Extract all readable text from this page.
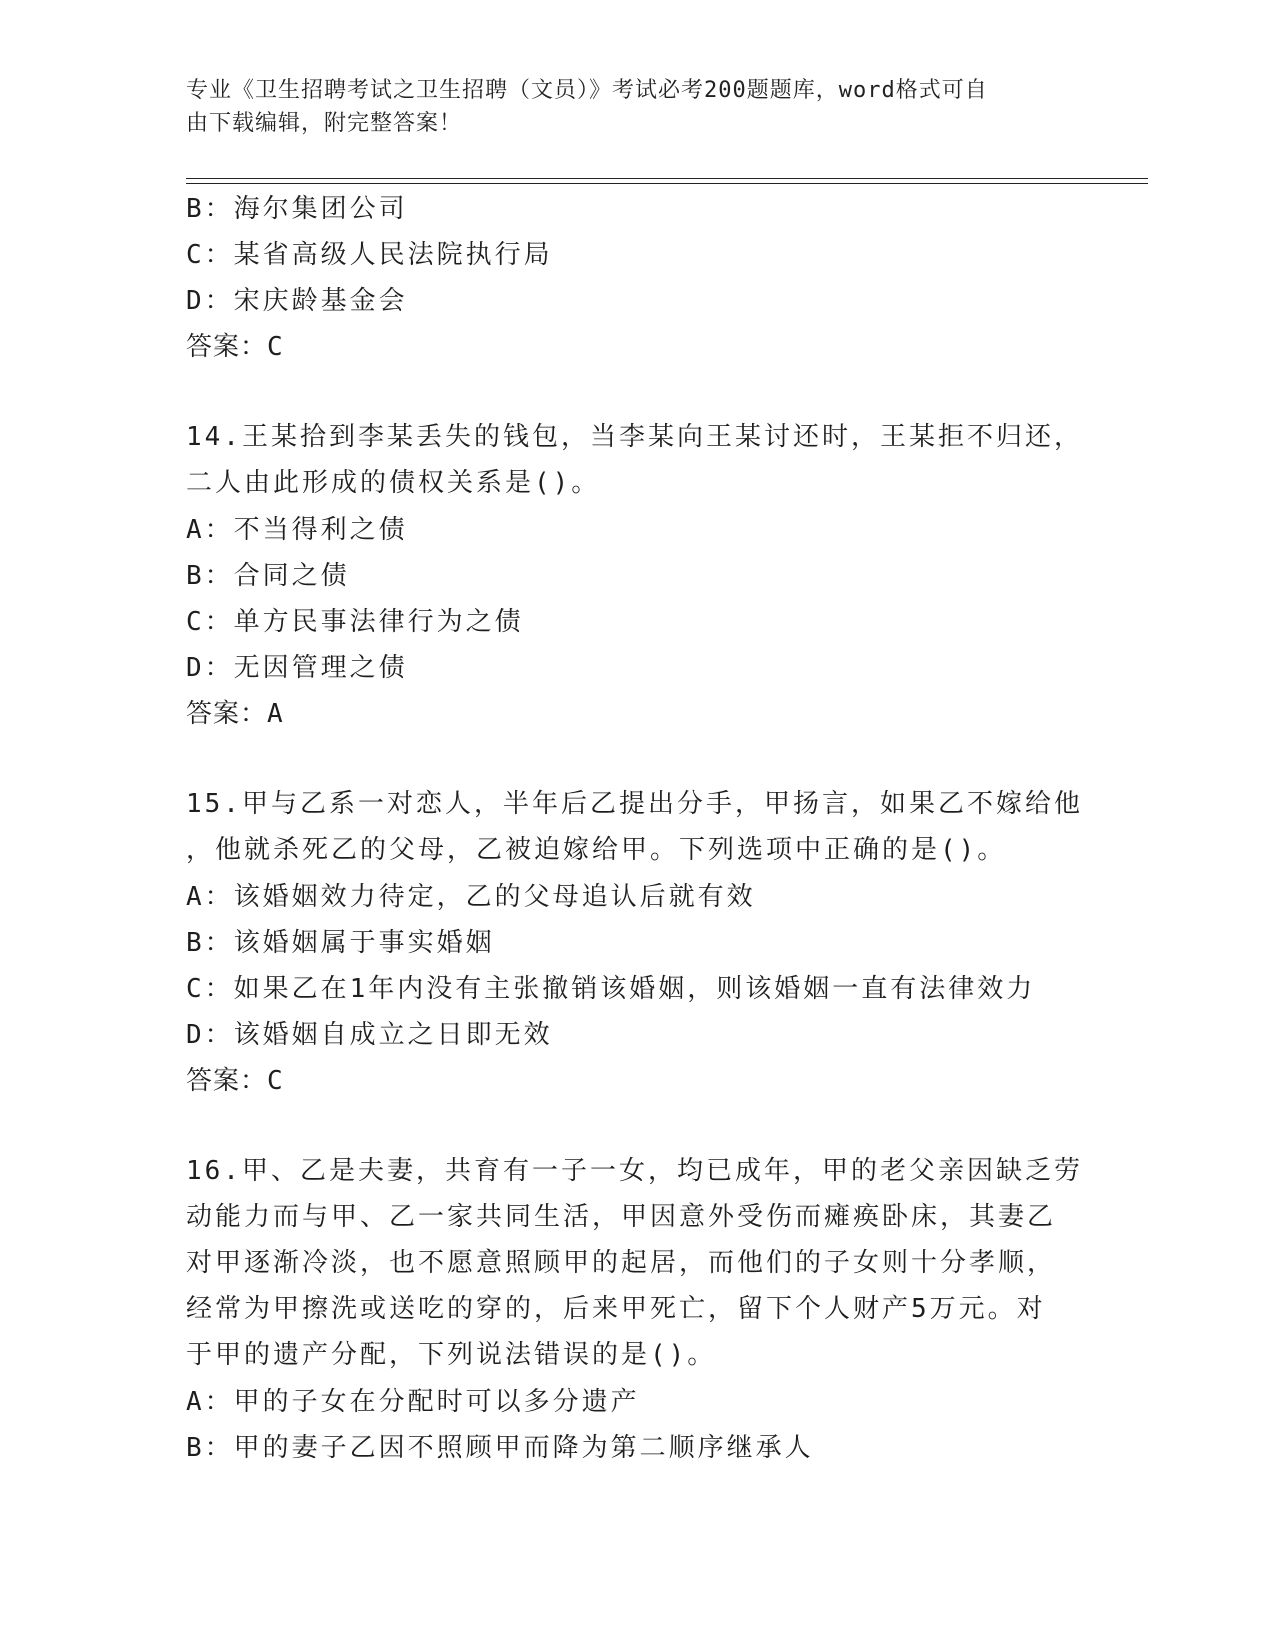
专业《卫生招聘考试之卫生招聘（文员）》考试必考200题题库，word格式可自
由下载编辑，附完整答案！
B：海尔集团公司
C：某省高级人民法院执行局
D：宋庆龄基金会
答案：C
14.王某拾到李某丢失的钱包，当李某向王某讨还时，王某拒不归还，
二人由此形成的债权关系是()。
A：不当得利之债
B：合同之债
C：单方民事法律行为之债
D：无因管理之债
答案：A
15.甲与乙系一对恋人，半年后乙提出分手，甲扬言，如果乙不嫁给他
，他就杀死乙的父母，乙被迫嫁给甲。下列选项中正确的是()。
A：该婚姻效力待定，乙的父母追认后就有效
B：该婚姻属于事实婚姻
C：如果乙在1年内没有主张撤销该婚姻，则该婚姻一直有法律效力
D：该婚姻自成立之日即无效
答案：C
16.甲、乙是夫妻，共育有一子一女，均已成年，甲的老父亲因缺乏劳
动能力而与甲、乙一家共同生活，甲因意外受伤而瘫痪卧床，其妻乙
对甲逐渐冷淡，也不愿意照顾甲的起居，而他们的子女则十分孝顺，
经常为甲擦洗或送吃的穿的，后来甲死亡，留下个人财产5万元。对
于甲的遗产分配，下列说法错误的是()。
A：甲的子女在分配时可以多分遗产
B：甲的妻子乙因不照顾甲而降为第二顺序继承人
